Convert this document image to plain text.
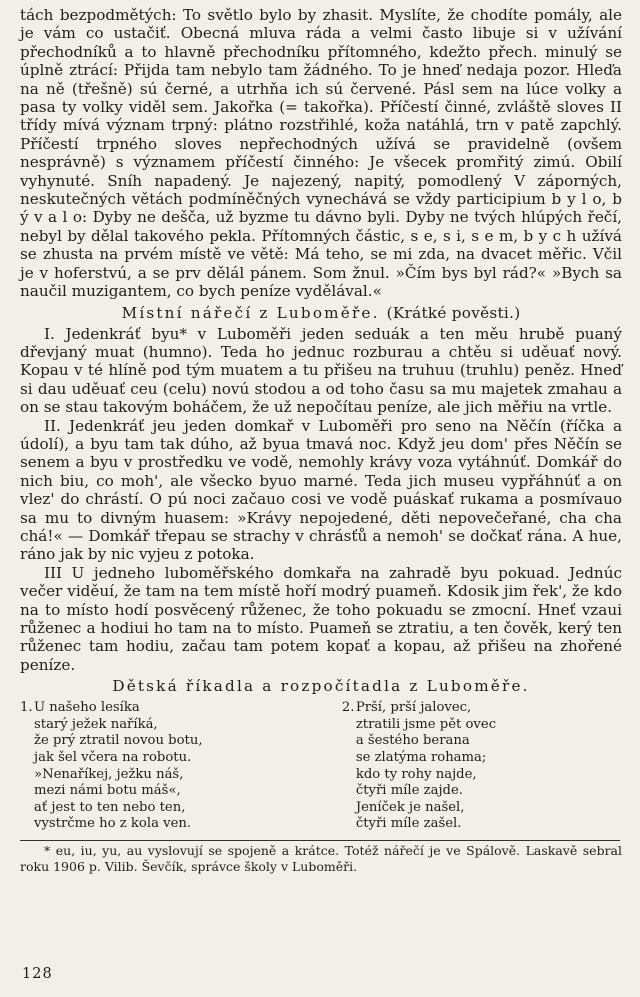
tách bezpodmětých: To světlo bylo by zhasit. Myslíte, že chodíte pomály, ale je vám co ustačiť. Obecná mluva ráda a velmi často libuje si v užívání přechodníků a to hlavně přechodníku přítomného, kdežto přech. minulý se úplně ztrácí: Přijda tam nebylo tam žádného. To je hneď nedaja pozor. Hleďa na ně (třešně) sú černé, a utrhňa ich sú červené. Pásl sem na lúce volky a pasa ty volky viděl sem. Jakořka (= takořka). Příčestí činné, zvláště sloves II třídy mívá význam trpný: plátno rozstřihlé, koža natáhlá, trn v patě zapchlý. Příčestí trpného sloves nepřechodných užívá se pravidelně (ovšem nesprávně) s významem příčestí činného: Je všecek promřitý zimú. Obilí vyhynuté. Sníh napadený. Je najezený, napitý, pomodlený V záporných, neskutečných větách podmíněčných vynechává se vždy participium b y l o, b ý v a l o: Dyby ne dešča, už byzme tu dávno byli. Dyby ne tvých hlúpých řečí, nebyl by dělal takového pekla. Přítomných částic, s e, s i, s e m, b y c h užívá se zhusta na prvém místě ve větě: Má teho, se mi zda, na dvacet měřic. Včil je v hoferstvú, a se prv dělál pánem. Som žnul. »Čím bys byl rád?« »Bych sa naučil muzigantem, co bych peníze vydělával.«

Místní nářečí z Luboměře. (Krátké pověsti.)

I. Jedenkráť byu* v Luboměři jeden seduák a ten měu hrubě puaný dřevjaný muat (humno). Teda ho jednuc rozburau a chtěu si uděuať nový. Kopau v té hlíně pod tým muatem a tu přišeu na truhuu (truhlu) peněz. Hneď si dau uděuať ceu (celu) novú stodou a od toho času sa mu majetek zmahau a on se stau takovým boháčem, že už nepočítau peníze, ale jich měřiu na vrtle.

II. Jedenkráť jeu jeden domkař v Luboměři pro seno na Něčín (říčka a údolí), a byu tam tak dúho, až byua tmavá noc. Když jeu dom' přes Něčín se senem a byu v prostředku ve vodě, nemohly krávy voza vytáhnúť. Domkář do nich biu, co moh', ale všecko byuo marné. Teda jich museu vypřáhnúť a on vlez' do chrástí. O pú noci začauo cosi ve vodě puáskať rukama a posmívauo sa mu to divným huasem: »Krávy nepojedené, děti nepovečeřané, cha cha chá!« — Domkář třepau se strachy v chrásťů a nemoh' se dočkať rána. A hue, ráno jak by nic vyjeu z potoka.

III U jedneho luboměřského domkařa na zahradě byu pokuad. Jednúc večer viděuí, že tam na tem místě hoří modrý puameň. Kdosik jim řek', že kdo na to místo hodí posvěcený růženec, že toho pokuadu se zmocní. Hneť vzaui růženec a hodiui ho tam na to místo. Puameň se ztratiu, a ten čověk, kerý ten růženec tam hodiu, začau tam potem kopať a kopau, až přišeu na zhořené peníze.

Dětská říkadla a rozpočítadla z Luboměře.
1.U našeho lesíka
starý ježek naříká,
že prý ztratil novou botu,
jak šel včera na robotu.
»Nenaříkej, ježku náš,
mezi námi botu máš«,
ať jest to ten nebo ten,
vystrčme ho z kola ven.
2.Prší, prší jalovec,
ztratili jsme pět ovec
a šestého berana
se zlatýma rohama;
kdo ty rohy najde,
čtyři míle zajde.
Jeníček je našel,
čtyři míle zašel.

* eu, iu, yu, au vyslovují se spojeně a krátce. Totéž nářečí je ve Spálově. Laskavě sebral roku 1906 p. Vilib. Ševčík, správce školy v Luboměři.

128
